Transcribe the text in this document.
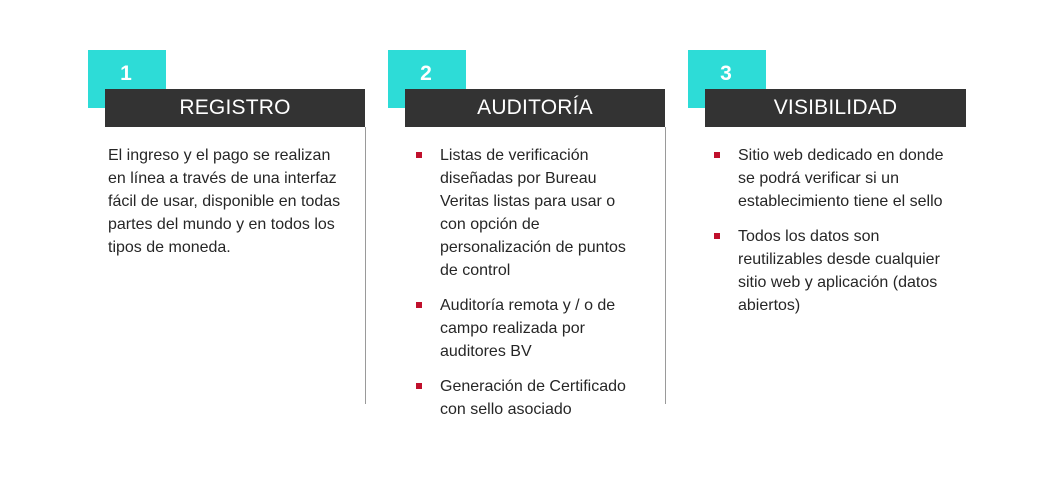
1
REGISTRO
El ingreso y el pago se realizan en línea a través de una interfaz fácil de usar, disponible en todas partes del mundo y en todos los tipos de moneda.
2
AUDITORÍA
Listas de verificación diseñadas por Bureau Veritas listas para usar o con opción de personalización de puntos de control
Auditoría remota y / o de campo realizada por auditores BV
Generación de Certificado con sello asociado
3
VISIBILIDAD
Sitio web dedicado en donde se podrá verificar si un establecimiento tiene el sello
Todos los datos son reutilizables desde cualquier sitio web y aplicación (datos abiertos)
